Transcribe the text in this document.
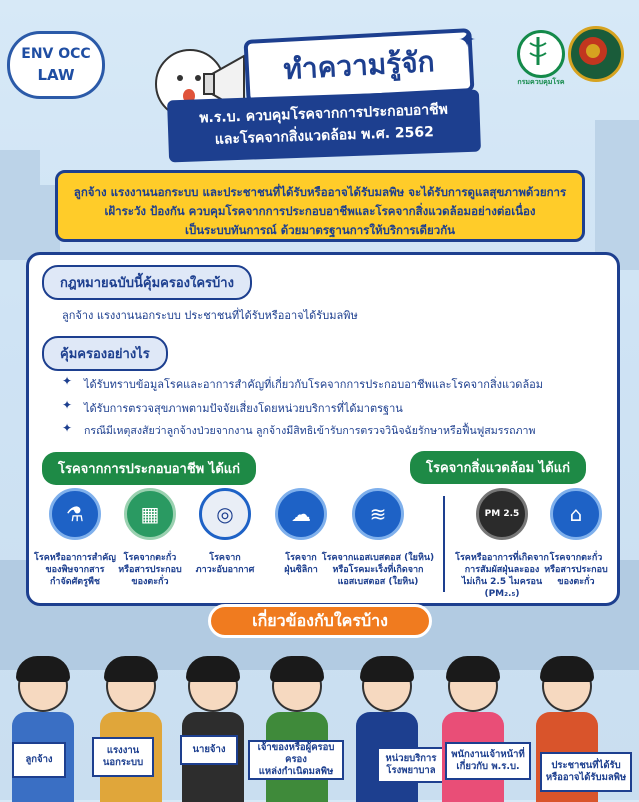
ENV OCC
LAW	ทำความรู้จัก
✦
พ.ร.บ. ควบคุมโรคจากการประกอบอาชีพ
และโรคจากสิ่งแวดล้อม พ.ศ. 2562
กรมควบคุมโรค
ลูกจ้าง แรงงานนอกระบบ และประชาชนที่ได้รับหรืออาจได้รับมลพิษ จะได้รับการดูแลสุขภาพด้วยการ
เฝ้าระวัง ป้องกัน ควบคุมโรคจากการประกอบอาชีพและโรคจากสิ่งแวดล้อมอย่างต่อเนื่อง
เป็นระบบทันการณ์ ด้วยมาตรฐานการให้บริการเดียวกัน
กฎหมายฉบับนี้คุ้มครองใครบ้าง
ลูกจ้าง แรงงานนอกระบบ ประชาชนที่ได้รับหรืออาจได้รับมลพิษ
คุ้มครองอย่างไร
✦ ได้รับทราบข้อมูลโรคและอาการสำคัญที่เกี่ยวกับโรคจากการประกอบอาชีพและโรคจากสิ่งแวดล้อม
✦ ได้รับการตรวจสุขภาพตามปัจจัยเสี่ยงโดยหน่วยบริการที่ได้มาตรฐาน
✦ กรณีมีเหตุสงสัยว่าลูกจ้างป่วยจากงาน ลูกจ้างมีสิทธิเข้ารับการตรวจวินิจฉัยรักษาหรือฟื้นฟูสมรรถภาพ
โรคจากการประกอบอาชีพ ได้แก่	โรคจากสิ่งแวดล้อม ได้แก่
⚗
โรคหรืออาการสำคัญ
ของพิษจากสาร
กำจัดศัตรูพืช
▦
โรคจากตะกั่ว
หรือสารประกอบ
ของตะกั่ว
◎
โรคจาก
ภาวะอับอากาศ
☁
โรคจาก
ฝุ่นซิลิกา
≋
โรคจากแอสเบสตอส (ใยหิน)
หรือโรคมะเร็งที่เกิดจาก
แอสเบสตอส (ใยหิน)
PM 2.5
โรคหรืออาการที่เกิดจาก
การสัมผัสฝุ่นละออง
ไม่เกิน 2.5 ไมครอน
(PM₂.₅)
⌂
โรคจากตะกั่ว
หรือสารประกอบ
ของตะกั่ว
เกี่ยวข้องกับใครบ้าง
ลูกจ้าง
แรงงาน
นอกระบบ
นายจ้าง	เจ้าของหรือผู้ครอบครอง
แหล่งกำเนิดมลพิษ
หน่วยบริการ
โรงพยาบาล
พนักงานเจ้าหน้าที่
เกี่ยวกับ พ.ร.บ.	ประชาชนที่ได้รับ
หรืออาจได้รับมลพิษ
